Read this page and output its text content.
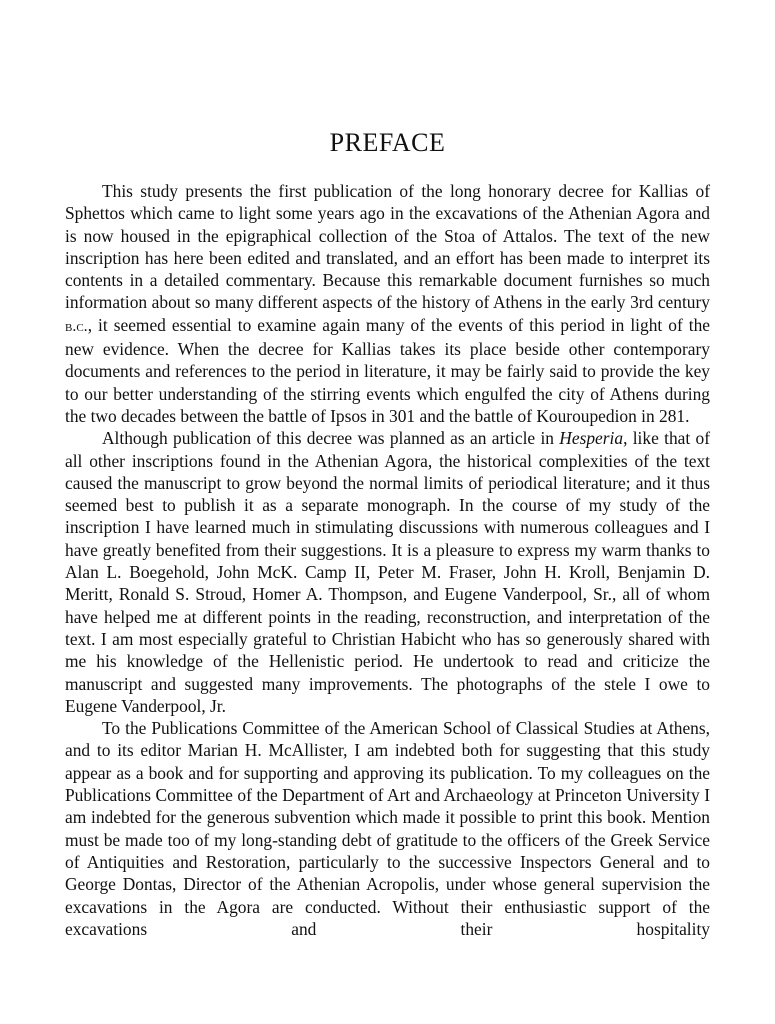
PREFACE

This study presents the first publication of the long honorary decree for Kallias of Sphettos which came to light some years ago in the excavations of the Athenian Agora and is now housed in the epigraphical collection of the Stoa of Attalos. The text of the new inscription has here been edited and translated, and an effort has been made to interpret its contents in a detailed commentary. Because this remarkable document furnishes so much information about so many different aspects of the history of Athens in the early 3rd century b.c., it seemed essential to examine again many of the events of this period in light of the new evidence. When the decree for Kallias takes its place beside other contemporary documents and references to the period in literature, it may be fairly said to provide the key to our better understanding of the stirring events which engulfed the city of Athens during the two decades between the battle of Ipsos in 301 and the battle of Kouroupedion in 281.

Although publication of this decree was planned as an article in Hesperia, like that of all other inscriptions found in the Athenian Agora, the historical complexities of the text caused the manuscript to grow beyond the normal limits of periodical literature; and it thus seemed best to publish it as a separate monograph. In the course of my study of the inscription I have learned much in stimulating discussions with numerous colleagues and I have greatly benefited from their suggestions. It is a pleasure to express my warm thanks to Alan L. Boegehold, John McK. Camp II, Peter M. Fraser, John H. Kroll, Benjamin D. Meritt, Ronald S. Stroud, Homer A. Thompson, and Eugene Vanderpool, Sr., all of whom have helped me at different points in the reading, reconstruction, and interpretation of the text. I am most especially grateful to Christian Habicht who has so generously shared with me his knowledge of the Hellenistic period. He undertook to read and criticize the manuscript and suggested many improvements. The photographs of the stele I owe to Eugene Vanderpool, Jr.

To the Publications Committee of the American School of Classical Studies at Athens, and to its editor Marian H. McAllister, I am indebted both for suggesting that this study appear as a book and for supporting and approving its publication. To my colleagues on the Publications Committee of the Department of Art and Archaeology at Princeton University I am indebted for the generous subvention which made it possible to print this book. Mention must be made too of my long-standing debt of gratitude to the officers of the Greek Service of Antiquities and Restoration, particularly to the successive Inspectors General and to George Dontas, Director of the Athenian Acropolis, under whose general supervision the excavations in the Agora are conducted. Without their enthusiastic support of the excavations and their hospitality
